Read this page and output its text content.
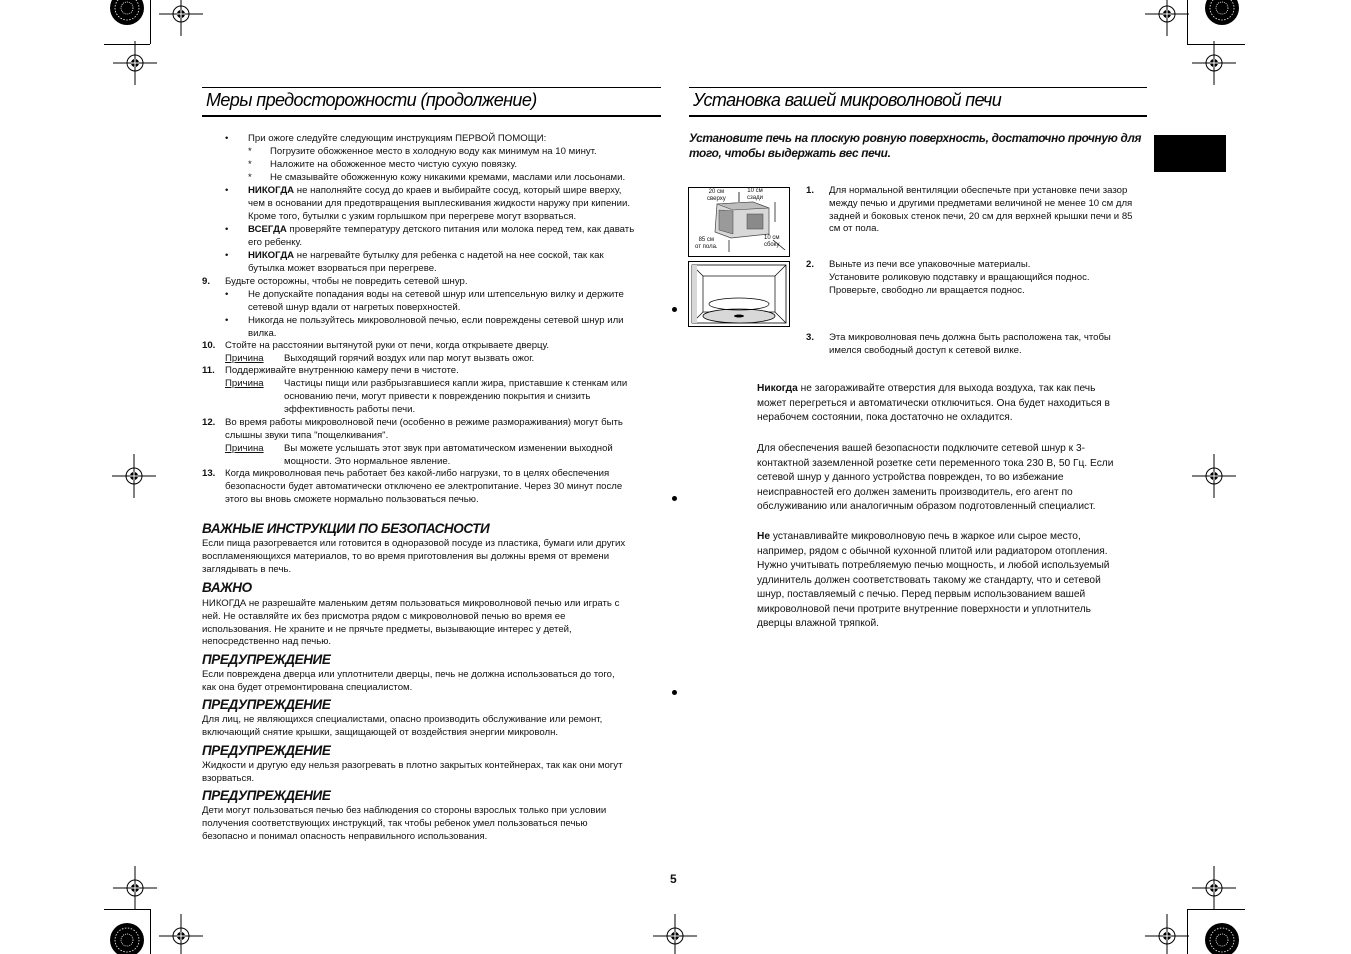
Меры предосторожности (продолжение)
• При ожоге следуйте следующим инструкциям ПЕРВОЙ ПОМОЩИ:
* Погрузите обожженное место в холодную воду как минимум на 10 минут.
* Наложите на обожженное место чистую сухую повязку.
* Не смазывайте обожженную кожу никакими кремами, маслами или лосьонами.
• НИКОГДА не наполняйте сосуд до краев и выбирайте сосуд, который шире вверху,
чем в основании для предотвращения выплескивания жидкости наружу при кипении.
Кроме того, бутылки с узким горлышком при перегреве могут взорваться.
• ВСЕГДА проверяйте температуру детского питания или молока перед тем, как давать
его ребенку.
• НИКОГДА не нагревайте бутылку для ребенка с надетой на нее соской, так как
бутылка может взорваться при перегреве.
9. Будьте осторожны, чтобы не повредить сетевой шнур.
• Не допускайте попадания воды на сетевой шнур или штепсельную вилку и держите
сетевой шнур вдали от нагретых поверхностей.
• Никогда не пользуйтесь микроволновой печью, если повреждены сетевой шнур или
вилка.
10. Стойте на расстоянии вытянутой руки от печи, когда открываете дверцу.
Причина Выходящий горячий воздух или пар могут вызвать ожог.
11. Поддерживайте внутреннюю камеру печи в чистоте.
Причина Частицы пищи или разбрызгавшиеся капли жира, приставшие к стенкам или
основанию печи, могут привести к повреждению покрытия и снизить
эффективность работы печи.
12. Во время работы микроволновой печи (особенно в режиме размораживания) могут быть
слышны звуки типа "пощелкивания".
Причина Вы можете услышать этот звук при автоматическом изменении выходной
мощности. Это нормальное явление.
13. Когда микроволновая печь работает без какой-либо нагрузки, то в целях обеспечения
безопасности будет автоматически отключено ее электропитание. Через 30 минут после
этого вы вновь сможете нормально пользоваться печью.
ВАЖНЫЕ ИНСТРУКЦИИ ПО БЕЗОПАСНОСТИ
Если пища разогревается или готовится в одноразовой посуде из пластика, бумаги или других
воспламеняющихся материалов, то во время приготовления вы должны время от времени
заглядывать в печь.
ВАЖНО
НИКОГДА не разрешайте маленьким детям пользоваться микроволновой печью или играть с
ней. Не оставляйте их без присмотра рядом с микроволновой печью во время ее
использования. Не храните и не прячьте предметы, вызывающие интерес у детей,
непосредственно над печью.
ПРЕДУПРЕЖДЕНИЕ
Если повреждена дверца или уплотнители дверцы, печь не должна использоваться до того,
как она будет отремонтирована специалистом.
ПРЕДУПРЕЖДЕНИЕ
Для лиц, не являющихся специалистами, опасно производить обслуживание или ремонт,
включающий снятие крышки, защищающей от воздействия энергии микроволн.
ПРЕДУПРЕЖДЕНИЕ
Жидкости и другую еду нельзя разогревать в плотно закрытых контейнерах, так как они могут
взорваться.
ПРЕДУПРЕЖДЕНИЕ
Дети могут пользоваться печью без наблюдения со стороны взрослых только при условии
получения соответствующих инструкций, так чтобы ребенок умел пользоваться печью
безопасно и понимал опасность неправильного использования.
5
Установка вашей микроволновой печи
Установите печь на плоскую ровную поверхность, достаточно прочную для
того, чтобы выдержать вес печи.
20 см
сверху
10 см
сзади
85 см
от пола.
10 см
сбоку
1. Для нормальной вентиляции обеспечьте при установке печи зазор
между печью и другими предметами величиной не менее 10 см для
задней и боковых стенок печи, 20 см для верхней крышки печи и 85
см от пола.
2. Выньте из печи все упаковочные материалы.
Установите роликовую подставку и вращающийся поднос.
Проверьте, свободно ли вращается поднос.
3. Эта микроволновая печь должна быть расположена так, чтобы
имелся свободный доступ к сетевой вилке.
Никогда не загораживайте отверстия для выхода воздуха, так как печь
может перегреться и автоматически отключиться. Она будет находиться в
нерабочем состоянии, пока достаточно не охладится.
Для обеспечения вашей безопасности подключите сетевой шнур к 3-
контактной заземленной розетке сети переменного тока 230 В, 50 Гц. Если
сетевой шнур у данного устройства поврежден, то во избежание
неисправностей его должен заменить производитель, его агент по
обслуживанию или аналогичным образом подготовленный специалист.
Не устанавливайте микроволновую печь в жаркое или сырое место,
например, рядом с обычной кухонной плитой или радиатором отопления.
Нужно учитывать потребляемую печью мощность, и любой используемый
удлинитель должен соответствовать такому же стандарту, что и сетевой
шнур, поставляемый с печью. Перед первым использованием вашей
микроволновой печи протрите внутренние поверхности и уплотнитель
дверцы влажной тряпкой.
